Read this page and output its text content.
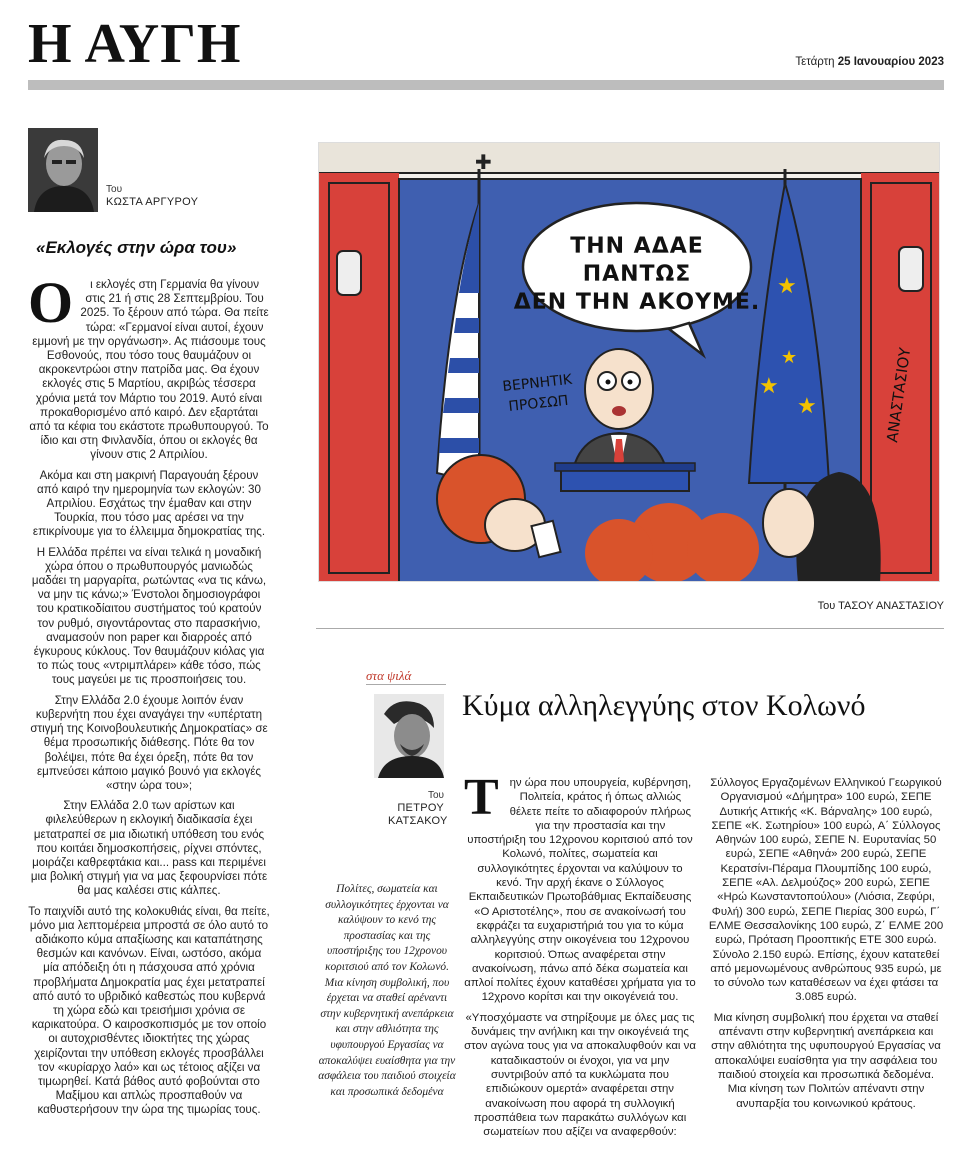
Η ΑΥΓΗ	Τετάρτη 25 Ιανουαρίου 2023
Του
ΚΩΣΤΑ ΑΡΓΥΡΟΥ
«Εκλογές στην ώρα του»

Ο ι εκλογές στη Γερμανία θα γίνουν στις 21 ή στις 28 Σεπτεμβρίου. Του 2025. Το ξέρουν από τώρα. Θα πείτε τώρα: «Γερμανοί είναι αυτοί, έχουν εμμονή με την οργάνωση». Ας πιάσουμε τους Εσθονούς, που τόσο τους θαυμάζουν οι ακροκεντρώοι στην πατρίδα μας. Θα έχουν εκλογές στις 5 Μαρτίου, ακριβώς τέσσερα χρόνια μετά τον Μάρτιο του 2019. Αυτό είναι προκαθορισμένο από καιρό. Δεν εξαρτάται από τα κέφια του εκάστοτε πρωθυπουργού. Το ίδιο και στη Φινλανδία, όπου οι εκλογές θα γίνουν στις 2 Απριλίου.

Ακόμα και στη μακρινή Παραγουάη ξέρουν από καιρό την ημερομηνία των εκλογών: 30 Απριλίου. Εσχάτως την έμαθαν και στην Τουρκία, που τόσο μας αρέσει να την επικρίνουμε για το έλλειμμα δημοκρατίας της.

Η Ελλάδα πρέπει να είναι τελικά η μοναδική χώρα όπου ο πρωθυπουργός μανιωδώς μαδάει τη μαργαρίτα, ρωτώντας «να τις κάνω, να μην τις κάνω;» Ένστολοι δημοσιογράφοι του κρατικοδίαιτου συστήματος τού κρατούν τον ρυθμό, σιγοντάροντας στο παρασκήνιο, αναμασούν non paper και διαρροές από έγκυρους κύκλους. Τον θαυμάζουν κιόλας για το πώς τους «ντριμπλάρει» κάθε τόσο, πώς τους μαγεύει με τις προσποιήσεις του.

Στην Ελλάδα 2.0 έχουμε λοιπόν έναν κυβερνήτη που έχει αναγάγει την «υπέρτατη στιγμή της Κοινοβουλευτικής Δημοκρατίας» σε θέμα προσωπικής διάθεσης. Πότε θα τον βολέψει, πότε θα έχει όρεξη, πότε θα τον εμπνεύσει κάποιο μαγικό βουνό για εκλογές «στην ώρα του»;

Στην Ελλάδα 2.0 των αρίστων και φιλελεύθερων η εκλογική διαδικασία έχει μετατραπεί σε μια ιδιωτική υπόθεση του ενός που κοιτάει δημοσκοπήσεις, ρίχνει σπόντες, μοιράζει καθρεφτάκια και... pass και περιμένει μια βολική στιγμή για να μας ξεφουρνίσει πότε θα μας καλέσει στις κάλπες.

Το παιχνίδι αυτό της κολοκυθιάς είναι, θα πείτε, μόνο μια λεπτομέρεια μπροστά σε όλο αυτό το αδιάκοπο κύμα απαξίωσης και καταπάτησης θεσμών και κανόνων. Είναι, ωστόσο, ακόμα μία απόδειξη ότι η πάσχουσα από χρόνια προβλήματα Δημοκρατία μας έχει μετατραπεί από αυτό το υβριδικό καθεστώς που κυβερνά τη χώρα εδώ και τρεισήμισι χρόνια σε καρικατούρα. Ο καιροσκοπισμός με τον οποίο οι αυτοχρισθέντες ιδιοκτήτες της χώρας χειρίζονται την υπόθεση εκλογές προσβάλλει τον «κυρίαρχο λαό» και ως τέτοιος αξίζει να τιμωρηθεί. Κατά βάθος αυτό φοβούνται στο Μαξίμου και απλώς προσπαθούν να καθυστερήσουν την ώρα της τιμωρίας τους.

✚
★
★
★
★
ΤΗΝ ΑΔΑΕ
ΠΑΝΤΩΣ
ΔΕΝ ΤΗΝ ΑΚΟΥΜΕ.
ΒΕΡΝΗΤΙΚ
ΠΡΟΣΩΠ	ΑΝΑΣΤΑΣΙΟΥ
Του ΤΑΣΟΥ ΑΝΑΣΤΑΣΙΟΥ
στα ψιλά
Του
ΠΕΤΡΟΥ
ΚΑΤΣΑΚΟΥ
Κύμα αλληλεγγύης στον Κολωνό
Πολίτες, σωματεία και συλλογικότητες έρχονται να καλύψουν το κενό της προστασίας και της υποστήριξης του 12χρονου κοριτσιού από τον Κολωνό. Μια κίνηση συμβολική, που έρχεται να σταθεί αρέναντι στην κυβερνητική ανεπάρκεια και στην αθλιότητα της υφυπουργού Εργασίας να αποκαλύψει ευαίσθητα για την ασφάλεια του παιδιού στοιχεία και προσωπικά δεδομένα

Την ώρα που υπουργεία, κυβέρνηση, Πολιτεία, κράτος ή όπως αλλιώς θέλετε πείτε το αδιαφορούν πλήρως για την προστασία και την υποστήριξη του 12χρονου κοριτσιού από τον Κολωνό, πολίτες, σωματεία και συλλογικότητες έρχονται να καλύψουν το κενό. Την αρχή έκανε ο Σύλλογος Εκπαιδευτικών Πρωτοβάθμιας Εκπαίδευσης «Ο Αριστοτέλης», που σε ανακοίνωσή του εκφράζει τα ευχαριστήριά του για το κύμα αλληλεγγύης στην οικογένεια του 12χρονου κοριτσιού. Όπως αναφέρεται στην ανακοίνωση, πάνω από δέκα σωματεία και απλοί πολίτες έχουν καταθέσει χρήματα για το 12χρονο κορίτσι και την οικογένειά του.

«Υποσχόμαστε να στηρίξουμε με όλες μας τις δυνάμεις την ανήλικη και την οικογένειά της στον αγώνα τους για να αποκαλυφθούν και να καταδικαστούν οι ένοχοι, για να μην συντριβούν από τα κυκλώματα που επιδιώκουν ομερτά» αναφέρεται στην ανακοίνωση που αφορά τη συλλογική προσπάθεια των παρακάτω συλλόγων και σωματείων που αξίζει να αναφερθούν:

Σύλλογος Εργαζομένων Ελληνικού Γεωργικού Οργανισμού «Δήμητρα» 100 ευρώ, ΣΕΠΕ Δυτικής Αττικής «Κ. Βάρναλης» 100 ευρώ, ΣΕΠΕ «Κ. Σωτηρίου» 100 ευρώ, Α΄ Σύλλογος Αθηνών 100 ευρώ, ΣΕΠΕ Ν. Ευρυτανίας 50 ευρώ, ΣΕΠΕ «Αθηνά» 200 ευρώ, ΣΕΠΕ Κερατσίνι-Πέραμα Πλουμπίδης 100 ευρώ, ΣΕΠΕ «Αλ. Δελμούζος» 200 ευρώ, ΣΕΠΕ «Ηρώ Κωνσταντοπούλου» (Λιόσια, Ζεφύρι, Φυλή) 300 ευρώ, ΣΕΠΕ Πιερίας 300 ευρώ, Γ΄ ΕΛΜΕ Θεσσαλονίκης 100 ευρώ, Ζ΄ ΕΛΜΕ 200 ευρώ, Πρόταση Προοπτικής ΕΤΕ 300 ευρώ. Σύνολο 2.150 ευρώ. Επίσης, έχουν κατατεθεί από μεμονωμένους ανθρώπους 935 ευρώ, με το σύνολο των καταθέσεων να έχει φτάσει τα 3.085 ευρώ.

Μια κίνηση συμβολική που έρχεται να σταθεί απέναντι στην κυβερνητική ανεπάρκεια και στην αθλιότητα της υφυπουργού Εργασίας να αποκαλύψει ευαίσθητα για την ασφάλεια του παιδιού στοιχεία και προσωπικά δεδομένα. Μια κίνηση των Πολιτών απέναντι στην ανυπαρξία του κοινωνικού κράτους.
